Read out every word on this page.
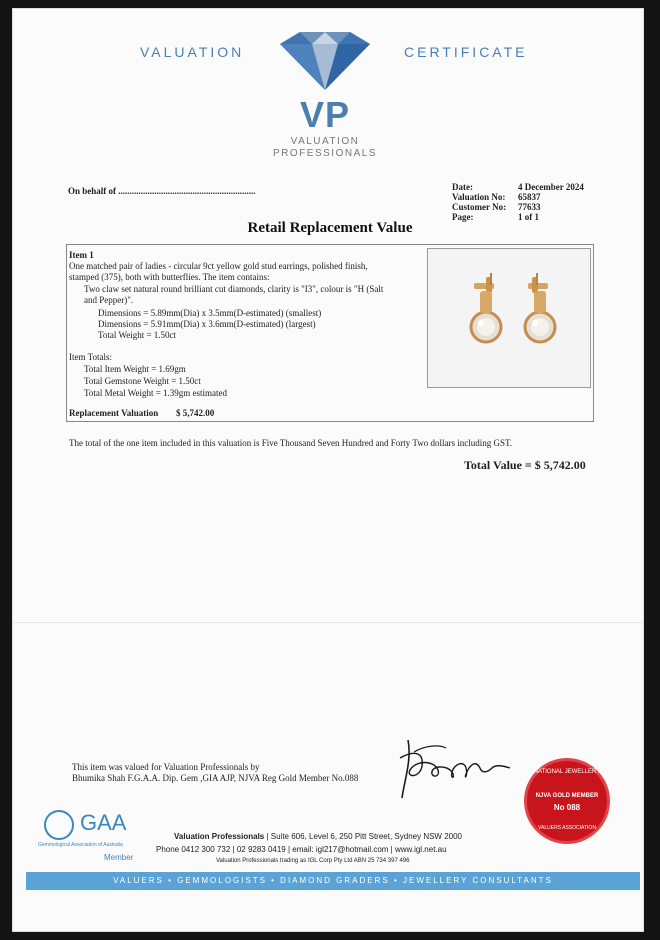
VALUATION	CERTIFICATE
VP
VALUATION
PROFESSIONALS
On behalf of .............................................................	Date:
Valuation No:
Customer No:
Page:
4 December 2024
65837
77633
1 of 1
Retail Replacement Value
Item 1
One matched pair of ladies - circular 9ct yellow gold stud earrings, polished finish,
stamped (375), both with butterflies. The item contains:
Two claw set natural round brilliant cut diamonds, clarity is "I3", colour is "H (Salt
and Pepper)".
Dimensions = 5.89mm(Dia) x 3.5mm(D-estimated) (smallest)
Dimensions = 5.91mm(Dia) x 3.6mm(D-estimated) (largest)
Total Weight = 1.50ct
Item Totals:
Total Item Weight = 1.69gm
Total Gemstone Weight = 1.50ct
Total Metal Weight = 1.39gm estimated
Replacement Valuation $ 5,742.00
The total of the one item included in this valuation is Five Thousand Seven Hundred and Forty Two dollars including GST.
Total Value = $ 5,742.00
This item was valued for Valuation Professionals by
Bhumika Shah F.G.A.A. Dip. Gem ,GIA AJP, NJVA Reg Gold Member No.088
NATIONAL JEWELLERY
NJVA GOLD MEMBER
No 088
VALUERS ASSOCIATION
GAA
Gemmological Association of Australia
Member
Valuation Professionals | Suite 606, Level 6, 250 Pitt Street, Sydney NSW 2000
Phone 0412 300 732 | 02 9283 0419 | email: igl217@hotmail.com | www.igl.net.au
Valuation Professionals trading as IGL Corp Pty Ltd ABN 25 734 397 496
VALUERS • GEMMOLOGISTS • DIAMOND GRADERS • JEWELLERY CONSULTANTS
